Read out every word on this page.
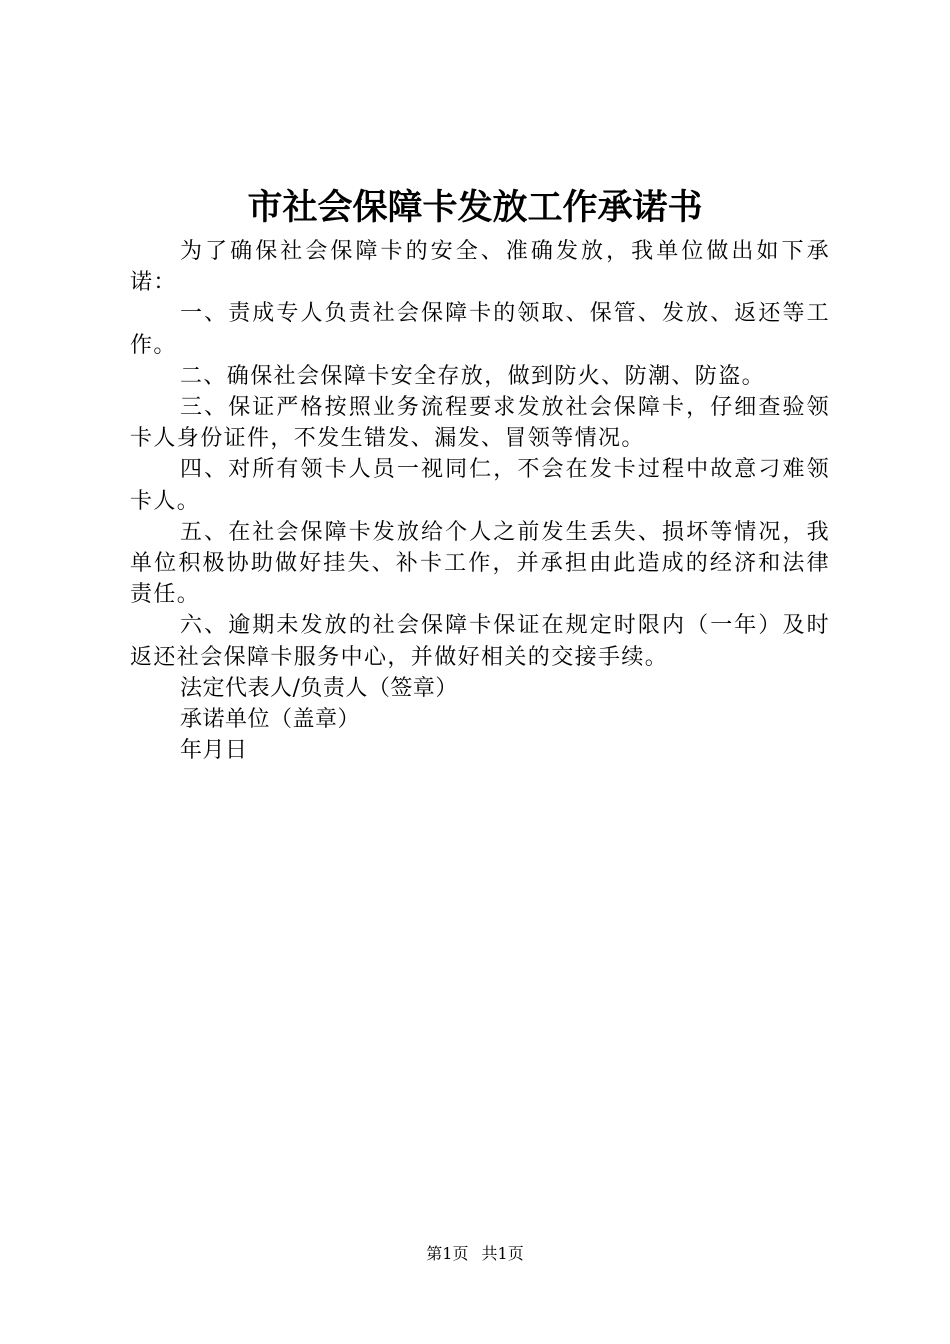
市社会保障卡发放工作承诺书

为了确保社会保障卡的安全、准确发放，我单位做出如下承诺：

一、责成专人负责社会保障卡的领取、保管、发放、返还等工作。

二、确保社会保障卡安全存放，做到防火、防潮、防盗。

三、保证严格按照业务流程要求发放社会保障卡，仔细查验领卡人身份证件，不发生错发、漏发、冒领等情况。

四、对所有领卡人员一视同仁，不会在发卡过程中故意刁难领卡人。

五、在社会保障卡发放给个人之前发生丢失、损坏等情况，我单位积极协助做好挂失、补卡工作，并承担由此造成的经济和法律责任。

六、逾期未发放的社会保障卡保证在规定时限内（一年）及时返还社会保障卡服务中心，并做好相关的交接手续。

法定代表人/负责人（签章）

承诺单位（盖章）

年月日

第1页 共1页
